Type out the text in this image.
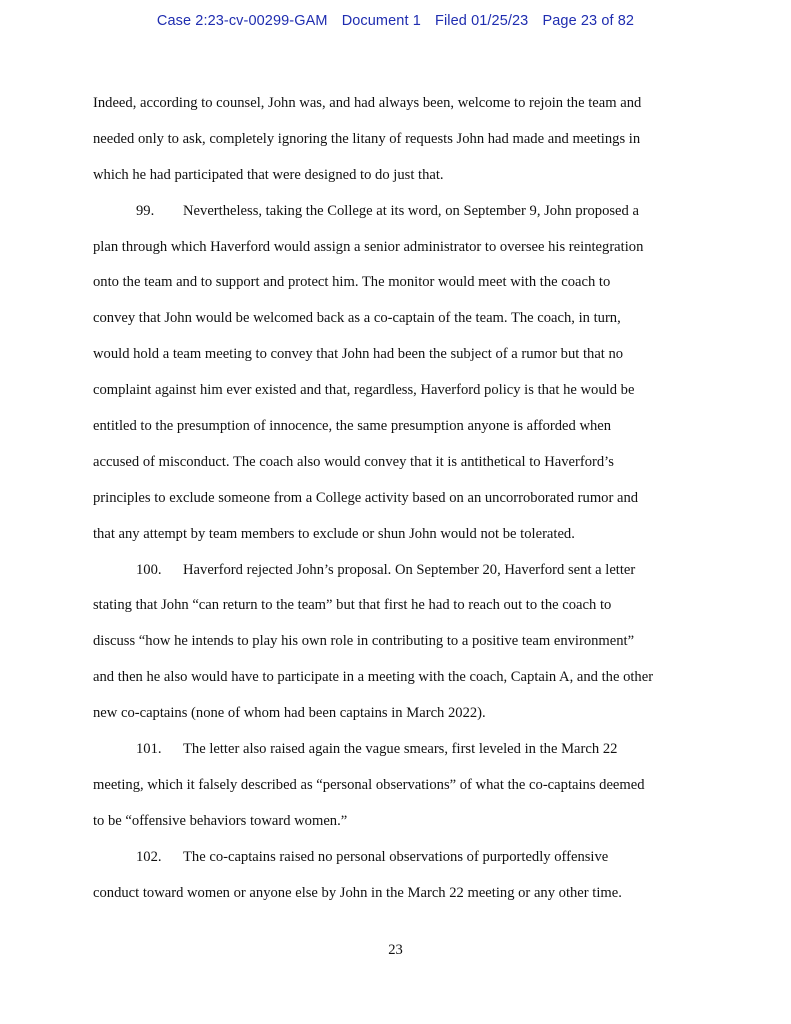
Case 2:23-cv-00299-GAM Document 1 Filed 01/25/23 Page 23 of 82
Indeed, according to counsel, John was, and had always been, welcome to rejoin the team and
needed only to ask, completely ignoring the litany of requests John had made and meetings in
which he had participated that were designed to do just that.
99. Nevertheless, taking the College at its word, on September 9, John proposed a
plan through which Haverford would assign a senior administrator to oversee his reintegration
onto the team and to support and protect him. The monitor would meet with the coach to
convey that John would be welcomed back as a co-captain of the team. The coach, in turn,
would hold a team meeting to convey that John had been the subject of a rumor but that no
complaint against him ever existed and that, regardless, Haverford policy is that he would be
entitled to the presumption of innocence, the same presumption anyone is afforded when
accused of misconduct. The coach also would convey that it is antithetical to Haverford’s
principles to exclude someone from a College activity based on an uncorroborated rumor and
that any attempt by team members to exclude or shun John would not be tolerated.
100. Haverford rejected John’s proposal. On September 20, Haverford sent a letter
stating that John “can return to the team” but that first he had to reach out to the coach to
discuss “how he intends to play his own role in contributing to a positive team environment”
and then he also would have to participate in a meeting with the coach, Captain A, and the other
new co-captains (none of whom had been captains in March 2022).
101. The letter also raised again the vague smears, first leveled in the March 22
meeting, which it falsely described as “personal observations” of what the co-captains deemed
to be “offensive behaviors toward women.”
102. The co-captains raised no personal observations of purportedly offensive
conduct toward women or anyone else by John in the March 22 meeting or any other time.
23
